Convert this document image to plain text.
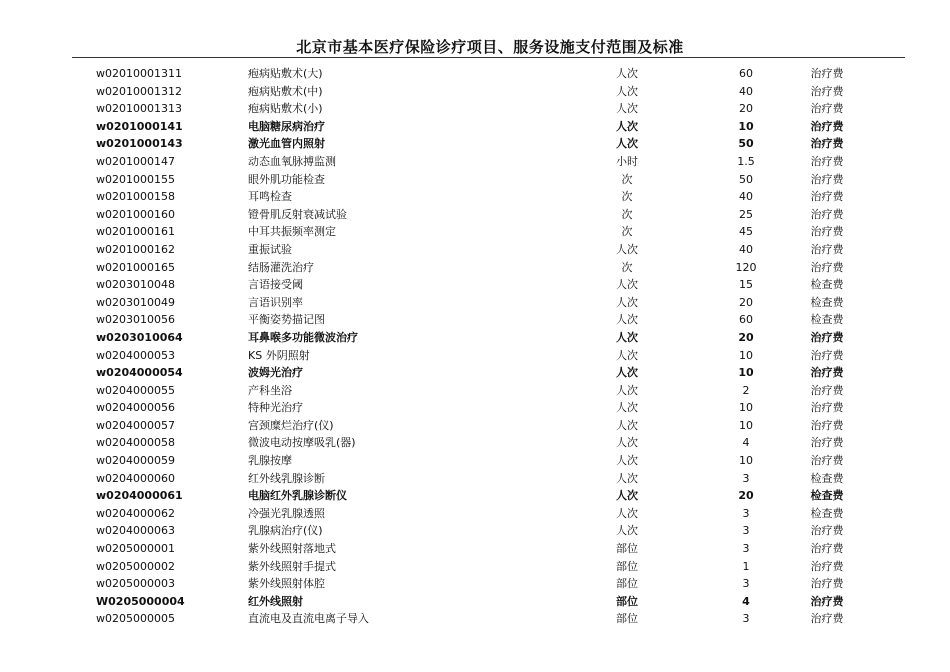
北京市基本医疗保险诊疗项目、服务设施支付范围及标准
w02010001311	疱病贴敷术(大)	人次	60	治疗费
w02010001312	疱病贴敷术(中)	人次	40	治疗费
w02010001313	疱病贴敷术(小)	人次	20	治疗费
w0201000141	电脑糖尿病治疗	人次	10	治疗费
w0201000143	激光血管内照射	人次	50	治疗费
w0201000147	动态血氧脉搏监测	小时	1.5	治疗费
w0201000155	眼外肌功能检查	次	50	治疗费
w0201000158	耳鸣检查	次	40	治疗费
w0201000160	镫骨肌反射衰减试验	次	25	治疗费
w0201000161	中耳共振频率测定	次	45	治疗费
w0201000162	重振试验	人次	40	治疗费
w0201000165	结肠灌洗治疗	次	120	治疗费
w0203010048	言语接受阈	人次	15	检查费
w0203010049	言语识别率	人次	20	检查费
w0203010056	平衡姿势描记图	人次	60	检查费
w0203010064	耳鼻喉多功能微波治疗	人次	20	治疗费
w0204000053	KS 外阴照射	人次	10	治疗费
w0204000054	波姆光治疗	人次	10	治疗费
w0204000055	产科坐浴	人次	2	治疗费
w0204000056	特种光治疗	人次	10	治疗费
w0204000057	宫颈糜烂治疗(仪)	人次	10	治疗费
w0204000058	微波电动按摩吸乳(器)	人次	4	治疗费
w0204000059	乳腺按摩	人次	10	治疗费
w0204000060	红外线乳腺诊断	人次	3	检查费
w0204000061	电脑红外乳腺诊断仪	人次	20	检查费
w0204000062	冷强光乳腺透照	人次	3	检查费
w0204000063	乳腺病治疗(仪)	人次	3	治疗费
w0205000001	紫外线照射落地式	部位	3	治疗费
w0205000002	紫外线照射手提式	部位	1	治疗费
w0205000003	紫外线照射体腔	部位	3	治疗费
W0205000004	红外线照射	部位	4	治疗费
w0205000005	直流电及直流电离子导入	部位	3	治疗费
